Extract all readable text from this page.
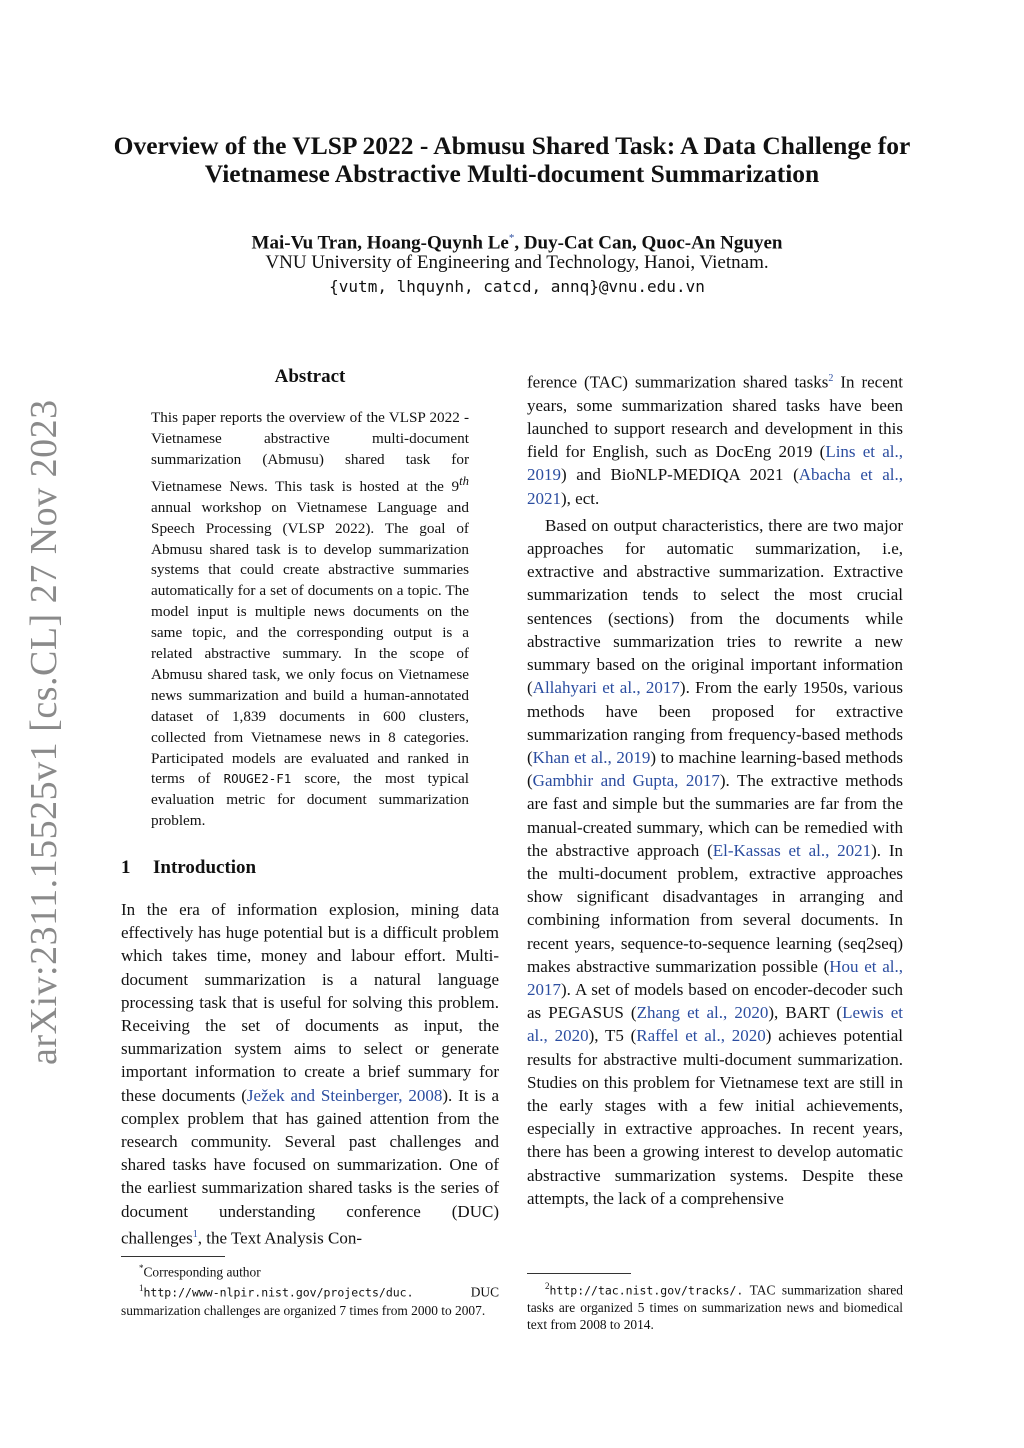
arXiv:2311.15525v1 [cs.CL] 27 Nov 2023
Overview of the VLSP 2022 - Abmusu Shared Task: A Data Challenge for
Vietnamese Abstractive Multi-document Summarization
Mai-Vu Tran, Hoang-Quynh Le*, Duy-Cat Can, Quoc-An Nguyen
VNU University of Engineering and Technology, Hanoi, Vietnam.
{vutm, lhquynh, catcd, annq}@vnu.edu.vn
Abstract

This paper reports the overview of the VLSP 2022 - Vietnamese abstractive multi-document summarization (Abmusu) shared task for Vietnamese News. This task is hosted at the 9th annual workshop on Vietnamese Language and Speech Processing (VLSP 2022). The goal of Abmusu shared task is to develop summarization systems that could create abstractive summaries automatically for a set of documents on a topic. The model input is multiple news documents on the same topic, and the corresponding output is a related abstractive summary. In the scope of Abmusu shared task, we only focus on Vietnamese news summarization and build a human-annotated dataset of 1,839 documents in 600 clusters, collected from Vietnamese news in 8 categories. Participated models are evaluated and ranked in terms of ROUGE2-F1 score, the most typical evaluation metric for document summarization problem.

1 Introduction

In the era of information explosion, mining data effectively has huge potential but is a difficult problem which takes time, money and labour effort. Multi-document summarization is a natural language processing task that is useful for solving this problem. Receiving the set of documents as input, the summarization system aims to select or generate important information to create a brief summary for these documents (Ježek and Steinberger, 2008). It is a complex problem that has gained attention from the research community. Several past challenges and shared tasks have focused on summarization. One of the earliest summarization shared tasks is the series of document understanding conference (DUC) challenges$^1$, the Text Analysis Con-

ference (TAC) summarization shared tasks$^2$ In recent years, some summarization shared tasks have been launched to support research and development in this field for English, such as DocEng 2019 (Lins et al., 2019) and BioNLP-MEDIQA 2021 (Abacha et al., 2021), ect.

Based on output characteristics, there are two major approaches for automatic summarization, i.e, extractive and abstractive summarization. Extractive summarization tends to select the most crucial sentences (sections) from the documents while abstractive summarization tries to rewrite a new summary based on the original important information (Allahyari et al., 2017). From the early 1950s, various methods have been proposed for extractive summarization ranging from frequency-based methods (Khan et al., 2019) to machine learning-based methods (Gambhir and Gupta, 2017). The extractive methods are fast and simple but the summaries are far from the manual-created summary, which can be remedied with the abstractive approach (El-Kassas et al., 2021). In the multi-document problem, extractive approaches show significant disadvantages in arranging and combining information from several documents. In recent years, sequence-to-sequence learning (seq2seq) makes abstractive summarization possible (Hou et al., 2017). A set of models based on encoder-decoder such as PEGASUS (Zhang et al., 2020), BART (Lewis et al., 2020), T5 (Raffel et al., 2020) achieves potential results for abstractive multi-document summarization. Studies on this problem for Vietnamese text are still in the early stages with a few initial achievements, especially in extractive approaches. In recent years, there has been a growing interest to develop automatic abstractive summarization systems. Despite these attempts, the lack of a comprehensive

*Corresponding author
$^1$http://www-nlpir.nist.gov/projects/duc. DUC summarization challenges are organized 7 times from 2000 to 2007.

$^2$http://tac.nist.gov/tracks/. TAC summarization shared tasks are organized 5 times on summarization news and biomedical text from 2008 to 2014.
